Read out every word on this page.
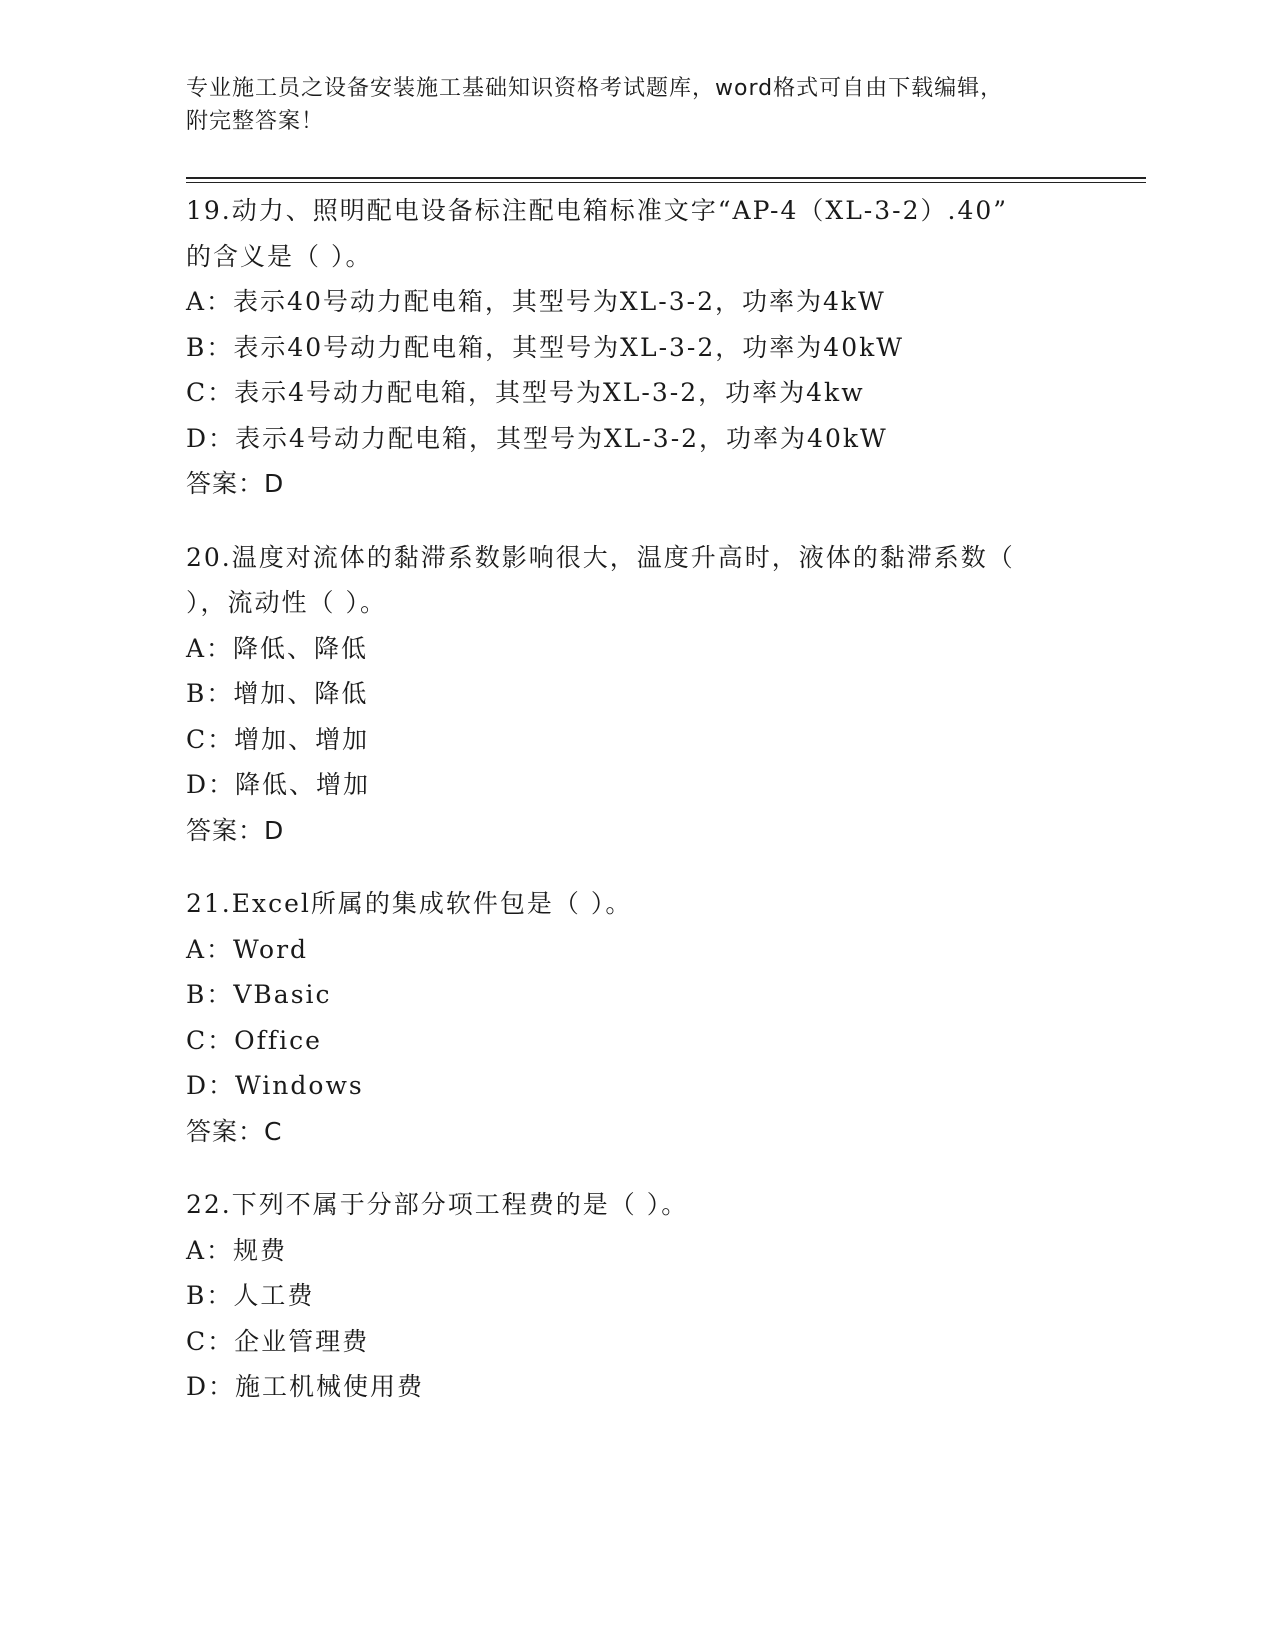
专业施工员之设备安装施工基础知识资格考试题库，word格式可自由下载编辑，
附完整答案！
19.动力、照明配电设备标注配电箱标准文字“AP-4（XL-3-2）.40”
的含义是（ ）。
A：表示40号动力配电箱，其型号为XL-3-2，功率为4kW
B：表示40号动力配电箱，其型号为XL-3-2，功率为40kW
C：表示4号动力配电箱，其型号为XL-3-2，功率为4kw
D：表示4号动力配电箱，其型号为XL-3-2，功率为40kW
答案：D
20.温度对流体的黏滞系数影响很大，温度升高时，液体的黏滞系数（
），流动性（ ）。
A：降低、降低
B：增加、降低
C：增加、增加
D：降低、增加
答案：D
21.Excel所属的集成软件包是（ ）。
A：Word
B：VBasic
C：Office
D：Windows
答案：C
22.下列不属于分部分项工程费的是（ ）。
A：规费
B：人工费
C：企业管理费
D：施工机械使用费
